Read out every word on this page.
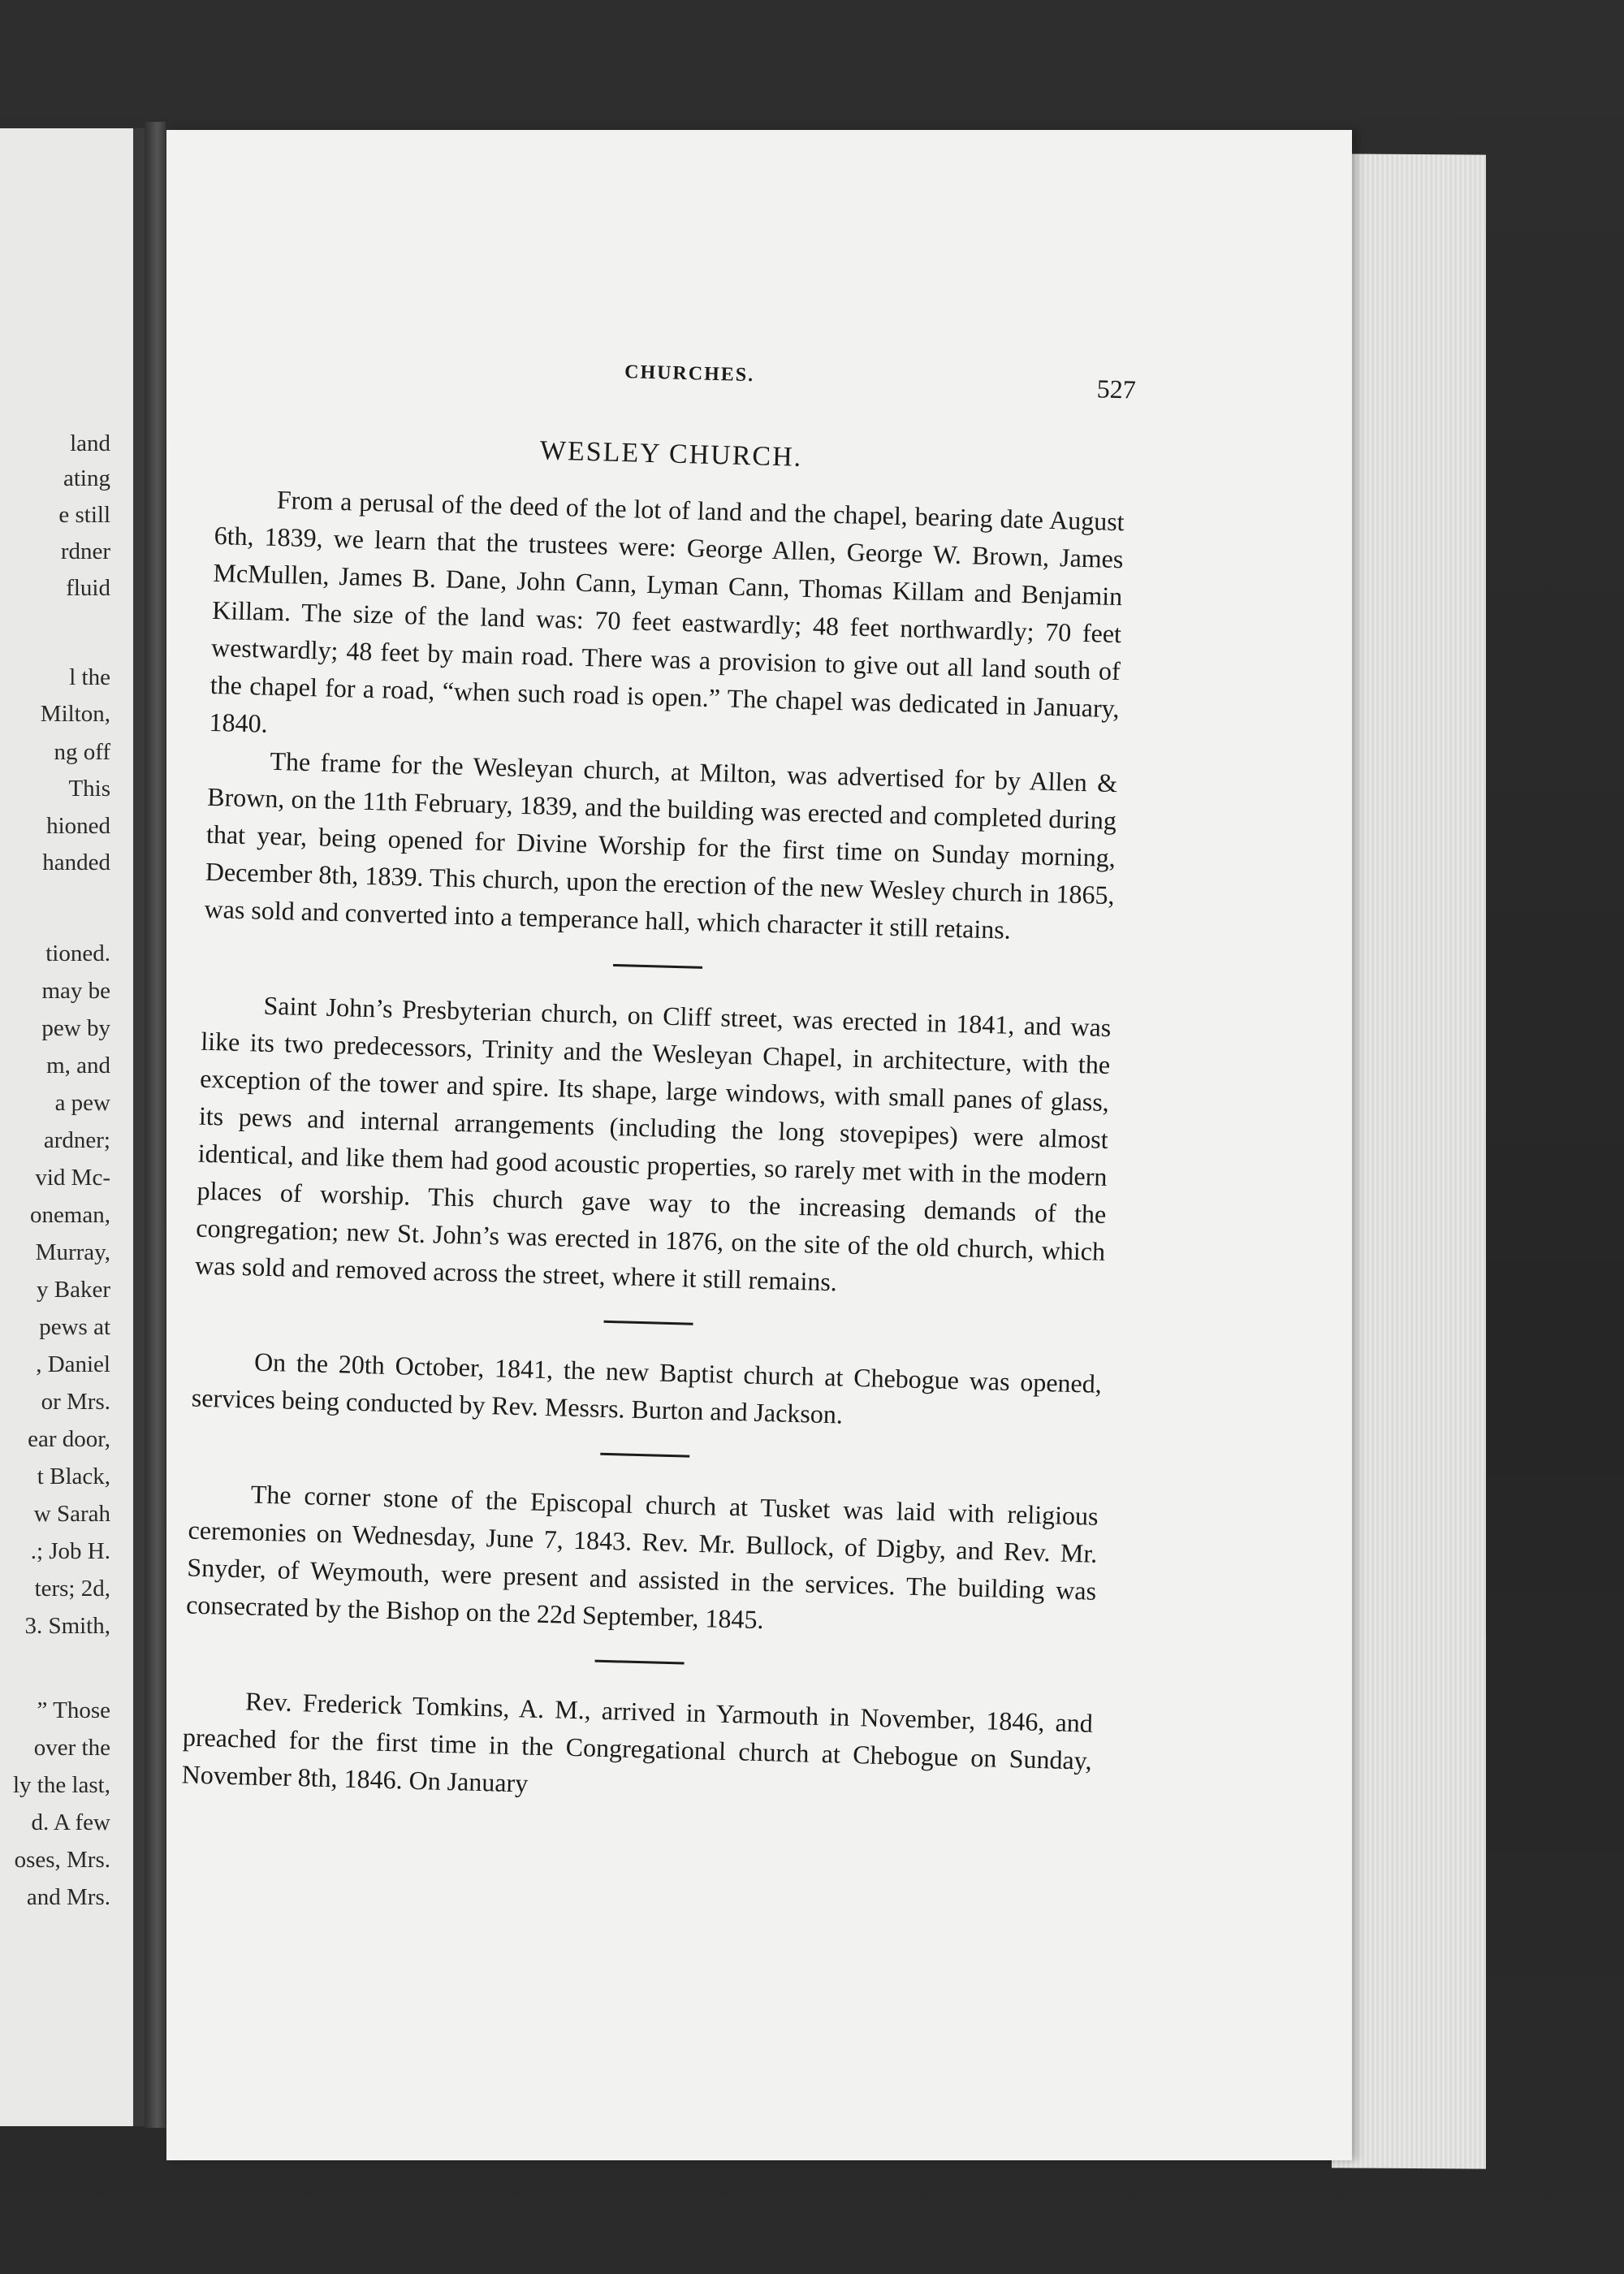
land
ating
e still
rdner
fluid
l the
Milton,
ng off
This
hioned
handed
tioned.
may be
pew by
m, and
a pew
ardner;
vid Mc-
oneman,
Murray,
y Baker
pews at
, Daniel
or Mrs.
ear door,
t Black,
w Sarah
.; Job H.
ters; 2d,
3. Smith,
” Those
over the
ly the last,
d. A few
oses, Mrs.
and Mrs.
CHURCHES.
527
WESLEY CHURCH.

From a perusal of the deed of the lot of land and the chapel, bearing date August 6th, 1839, we learn that the trustees were: George Allen, George W. Brown, James McMullen, James B. Dane, John Cann, Lyman Cann, Thomas Killam and Benjamin Killam. The size of the land was: 70 feet eastwardly; 48 feet northwardly; 70 feet westwardly; 48 feet by main road. There was a provision to give out all land south of the chapel for a road, “when such road is open.” The chapel was dedicated in January, 1840.

The frame for the Wesleyan church, at Milton, was advertised for by Allen & Brown, on the 11th February, 1839, and the building was erected and completed during that year, being opened for Divine Worship for the first time on Sunday morning, December 8th, 1839. This church, upon the erection of the new Wesley church in 1865, was sold and converted into a temperance hall, which character it still retains.

Saint John’s Presbyterian church, on Cliff street, was erected in 1841, and was like its two predecessors, Trinity and the Wesleyan Chapel, in architecture, with the exception of the tower and spire. Its shape, large windows, with small panes of glass, its pews and internal arrangements (including the long stovepipes) were almost identical, and like them had good acoustic properties, so rarely met with in the modern places of worship. This church gave way to the increasing demands of the congregation; new St. John’s was erected in 1876, on the site of the old church, which was sold and removed across the street, where it still remains.

On the 20th October, 1841, the new Baptist church at Chebogue was opened, services being conducted by Rev. Messrs. Burton and Jackson.

The corner stone of the Episcopal church at Tusket was laid with religious ceremonies on Wednesday, June 7, 1843. Rev. Mr. Bullock, of Digby, and Rev. Mr. Snyder, of Weymouth, were present and assisted in the services. The building was consecrated by the Bishop on the 22d September, 1845.

Rev. Frederick Tomkins, A. M., arrived in Yarmouth in November, 1846, and preached for the first time in the Congregational church at Chebogue on Sunday, November 8th, 1846. On January
